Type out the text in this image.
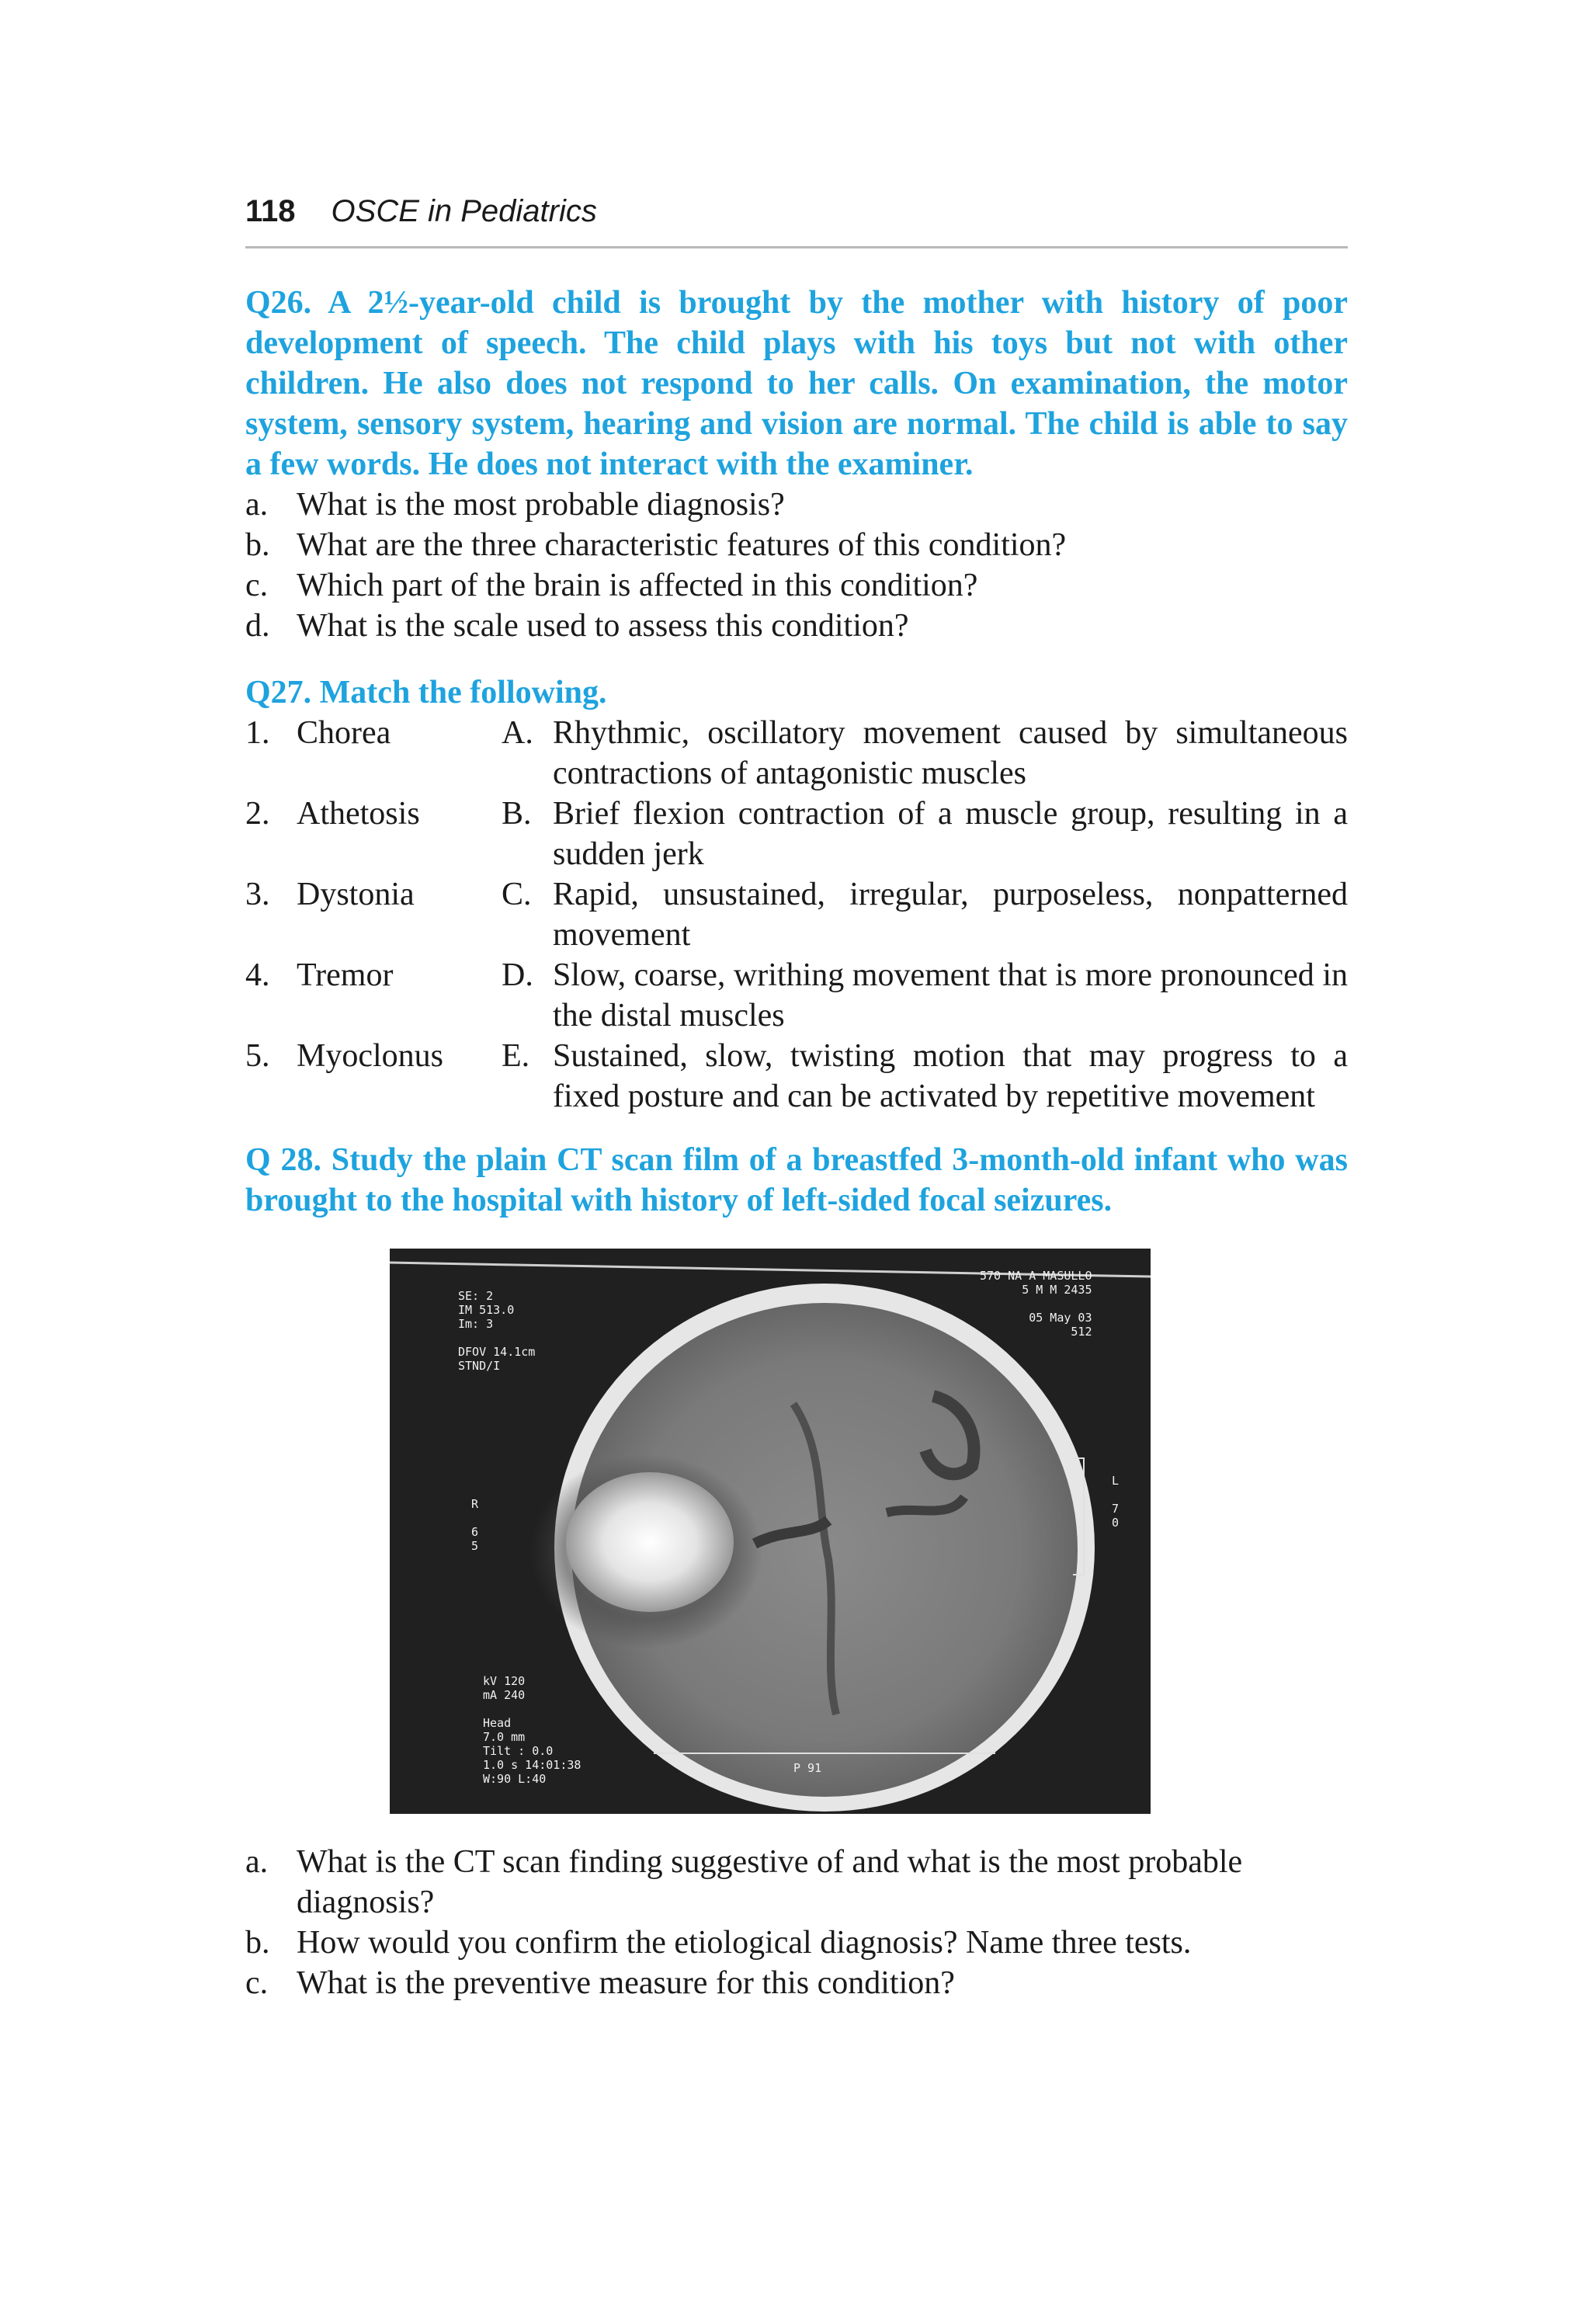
118 OSCE in Pediatrics

Q26. A 2½-year-old child is brought by the mother with history of poor development of speech. The child plays with his toys but not with other children. He also does not respond to her calls. On examination, the motor system, sensory system, hearing and vision are normal. The child is able to say a few words. He does not interact with the examiner.

a. What is the most probable diagnosis?
b. What are the three characteristic features of this condition?
c. Which part of the brain is affected in this condition?
d. What is the scale used to assess this condition?

Q27. Match the following.

1. Chorea	A. Rhythmic, oscillatory movement caused by simultaneous contractions of antagonistic muscles
2. Athetosis	B. Brief flexion contraction of a muscle group, resulting in a sudden jerk
3. Dystonia	C. Rapid, unsustained, irregular, purposeless, nonpatterned movement
4. Tremor	D. Slow, coarse, writhing movement that is more pronounced in the distal muscles
5. Myoclonus	E. Sustained, slow, twisting motion that may progress to a fixed posture and can be activated by repetitive movement

Q 28. Study the plain CT scan film of a breastfed 3-month-old infant who was brought to the hospital with history of left-sided focal seizures.

SE: 2
IM 513.0
Im: 3

DFOV 14.1cm
STND/I
570 NA A MASULLO
5 M M 2435

05 May 03
512
R

6
5
L

7
0
kV 120
mA 240

Head
7.0 mm
Tilt : 0.0
1.0 s 14:01:38
W:90 L:40
P 91
a. What is the CT scan finding suggestive of and what is the most probable diagnosis?
b. How would you confirm the etiological diagnosis? Name three tests.
c. What is the preventive measure for this condition?
